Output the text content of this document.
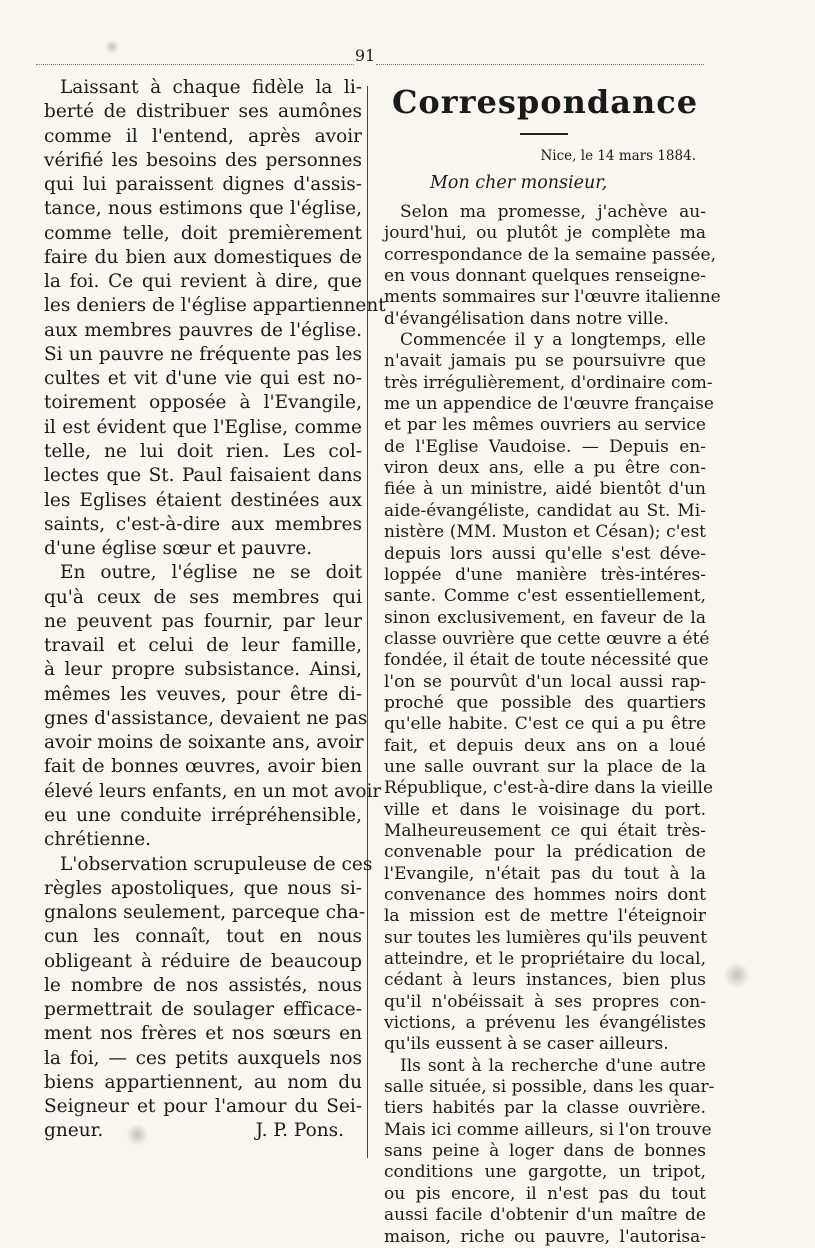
91
Laissant à chaque fidèle la li-
berté de distribuer ses aumônes
comme il l'entend, après avoir
vérifié les besoins des personnes
qui lui paraissent dignes d'assis-
tance, nous estimons que l'église,
comme telle, doit premièrement
faire du bien aux domestiques de
la foi. Ce qui revient à dire, que
les deniers de l'église appartiennent
aux membres pauvres de l'église.
Si un pauvre ne fréquente pas les
cultes et vit d'une vie qui est no-
toirement opposée à l'Evangile,
il est évident que l'Eglise, comme
telle, ne lui doit rien. Les col-
lectes que St. Paul faisaient dans
les Eglises étaient destinées aux
saints, c'est-à-dire aux membres
d'une église sœur et pauvre.
En outre, l'église ne se doit
qu'à ceux de ses membres qui
ne peuvent pas fournir, par leur
travail et celui de leur famille,
à leur propre subsistance. Ainsi,
mêmes les veuves, pour être di-
gnes d'assistance, devaient ne pas
avoir moins de soixante ans, avoir
fait de bonnes œuvres, avoir bien
élevé leurs enfants, en un mot avoir
eu une conduite irrépréhensible,
chrétienne.
L'observation scrupuleuse de ces
règles apostoliques, que nous si-
gnalons seulement, parceque cha-
cun les connaît, tout en nous
obligeant à réduire de beaucoup
le nombre de nos assistés, nous
permettrait de soulager efficace-
ment nos frères et nos sœurs en
la foi, — ces petits auxquels nos
biens appartiennent, au nom du
Seigneur et pour l'amour du Sei-
gneur.	J. P. Pons.
Correspondance
Nice, le 14 mars 1884.
Mon cher monsieur,
Selon ma promesse, j'achève au-
jourd'hui, ou plutôt je complète ma
correspondance de la semaine passée,
en vous donnant quelques renseigne-
ments sommaires sur l'œuvre italienne
d'évangélisation dans notre ville.
Commencée il y a longtemps, elle
n'avait jamais pu se poursuivre que
très irrégulièrement, d'ordinaire com-
me un appendice de l'œuvre française
et par les mêmes ouvriers au service
de l'Eglise Vaudoise. — Depuis en-
viron deux ans, elle a pu être con-
fiée à un ministre, aidé bientôt d'un
aide-évangéliste, candidat au St. Mi-
nistère (MM. Muston et Césan); c'est
depuis lors aussi qu'elle s'est déve-
loppée d'une manière très-intéres-
sante. Comme c'est essentiellement,
sinon exclusivement, en faveur de la
classe ouvrière que cette œuvre a été
fondée, il était de toute nécessité que
l'on se pourvût d'un local aussi rap-
proché que possible des quartiers
qu'elle habite. C'est ce qui a pu être
fait, et depuis deux ans on a loué
une salle ouvrant sur la place de la
République, c'est-à-dire dans la vieille
ville et dans le voisinage du port.
Malheureusement ce qui était très-
convenable pour la prédication de
l'Evangile, n'était pas du tout à la
convenance des hommes noirs dont
la mission est de mettre l'éteignoir
sur toutes les lumières qu'ils peuvent
atteindre, et le propriétaire du local,
cédant à leurs instances, bien plus
qu'il n'obéissait à ses propres con-
victions, a prévenu les évangélistes
qu'ils eussent à se caser ailleurs.
Ils sont à la recherche d'une autre
salle située, si possible, dans les quar-
tiers habités par la classe ouvrière.
Mais ici comme ailleurs, si l'on trouve
sans peine à loger dans de bonnes
conditions une gargotte, un tripot,
ou pis encore, il n'est pas du tout
aussi facile d'obtenir d'un maître de
maison, riche ou pauvre, l'autorisa-
